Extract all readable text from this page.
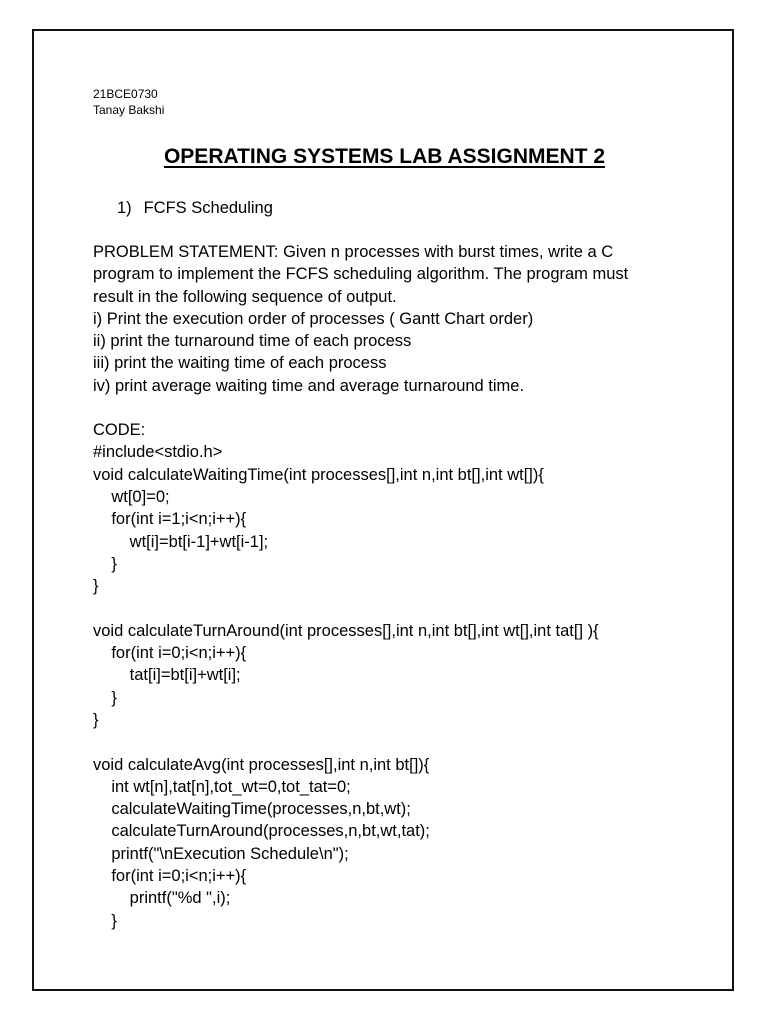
21BCE0730

Tanay Bakshi

OPERATING SYSTEMS LAB ASSIGNMENT 2
1) FCFS Scheduling

PROBLEM STATEMENT: Given n processes with burst times, write a C

program to implement the FCFS scheduling algorithm. The program must

result in the following sequence of output.

i) Print the execution order of processes ( Gantt Chart order)

ii) print the turnaround time of each process

iii) print the waiting time of each process

iv) print average waiting time and average turnaround time.

CODE:

#include<stdio.h>
void calculateWaitingTime(int processes[],int n,int bt[],int wt[]){
wt[0]=0;
for(int i=1;i<n;i++){
wt[i]=bt[i-1]+wt[i-1];
}
}
void calculateTurnAround(int processes[],int n,int bt[],int wt[],int tat[] ){
for(int i=0;i<n;i++){
tat[i]=bt[i]+wt[i];
}
}
void calculateAvg(int processes[],int n,int bt[]){
int wt[n],tat[n],tot_wt=0,tot_tat=0;
calculateWaitingTime(processes,n,bt,wt);
calculateTurnAround(processes,n,bt,wt,tat);
printf("\nExecution Schedule\n");
for(int i=0;i<n;i++){
printf("%d ",i);
}
